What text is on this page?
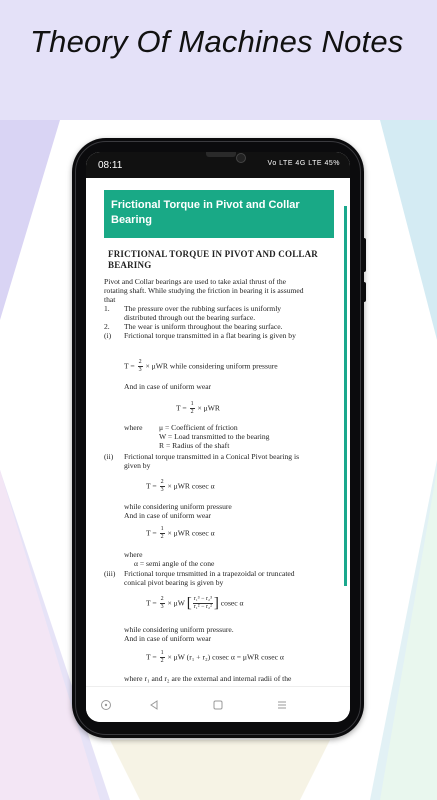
Theory Of Machines Notes
08:11	Vo LTE 4G LTE 45%
Frictional Torque in Pivot and Collar Bearing
FRICTIONAL TORQUE IN PIVOT AND COLLAR BEARING
Pivot and Collar bearings are used to take axial thrust of the
rotating shaft. While studying the friction in bearing it is assumed
that
1. The pressure over the rubbing surfaces is uniformly
distributed through out the bearing surface.
2. The wear is uniform throughout the bearing surface.
(i) Frictional torque transmitted in a flat bearing is given by
$T = \frac{2}{3} \times \mu WR$ while considering uniform pressure
And in case of uniform wear
$T = \frac{1}{2} \times \mu WR$
where μ = Coefficient of friction
W = Load transmitted to the bearing
R = Radius of the shaft
(ii) Frictional torque transmitted in a Conical Pivot bearing is
given by
$T = \frac{2}{3} \times \mu WR$ cosec α
while considering uniform pressure
And in case of uniform wear
$T = \frac{1}{2} \times \mu WR$ cosec α
where
α = semi angle of the cone
(iii) Frictional torque trnsmitted in a trapezoidal or truncated
conical pivot bearing is given by
$T = \frac{2}{3} \times \mu W$ [ $\frac{\text{r₁³ − r₂³}}{\text{r₁² − r₂²}}$ ] cosec α
while considering uniform pressure.
And in case of uniform wear
$T = \frac{1}{2} \times \mu W$ (r₁ + r₂) cosec α = μWR cosec α
where r₁ and r₂ are the external and internal radii of the
